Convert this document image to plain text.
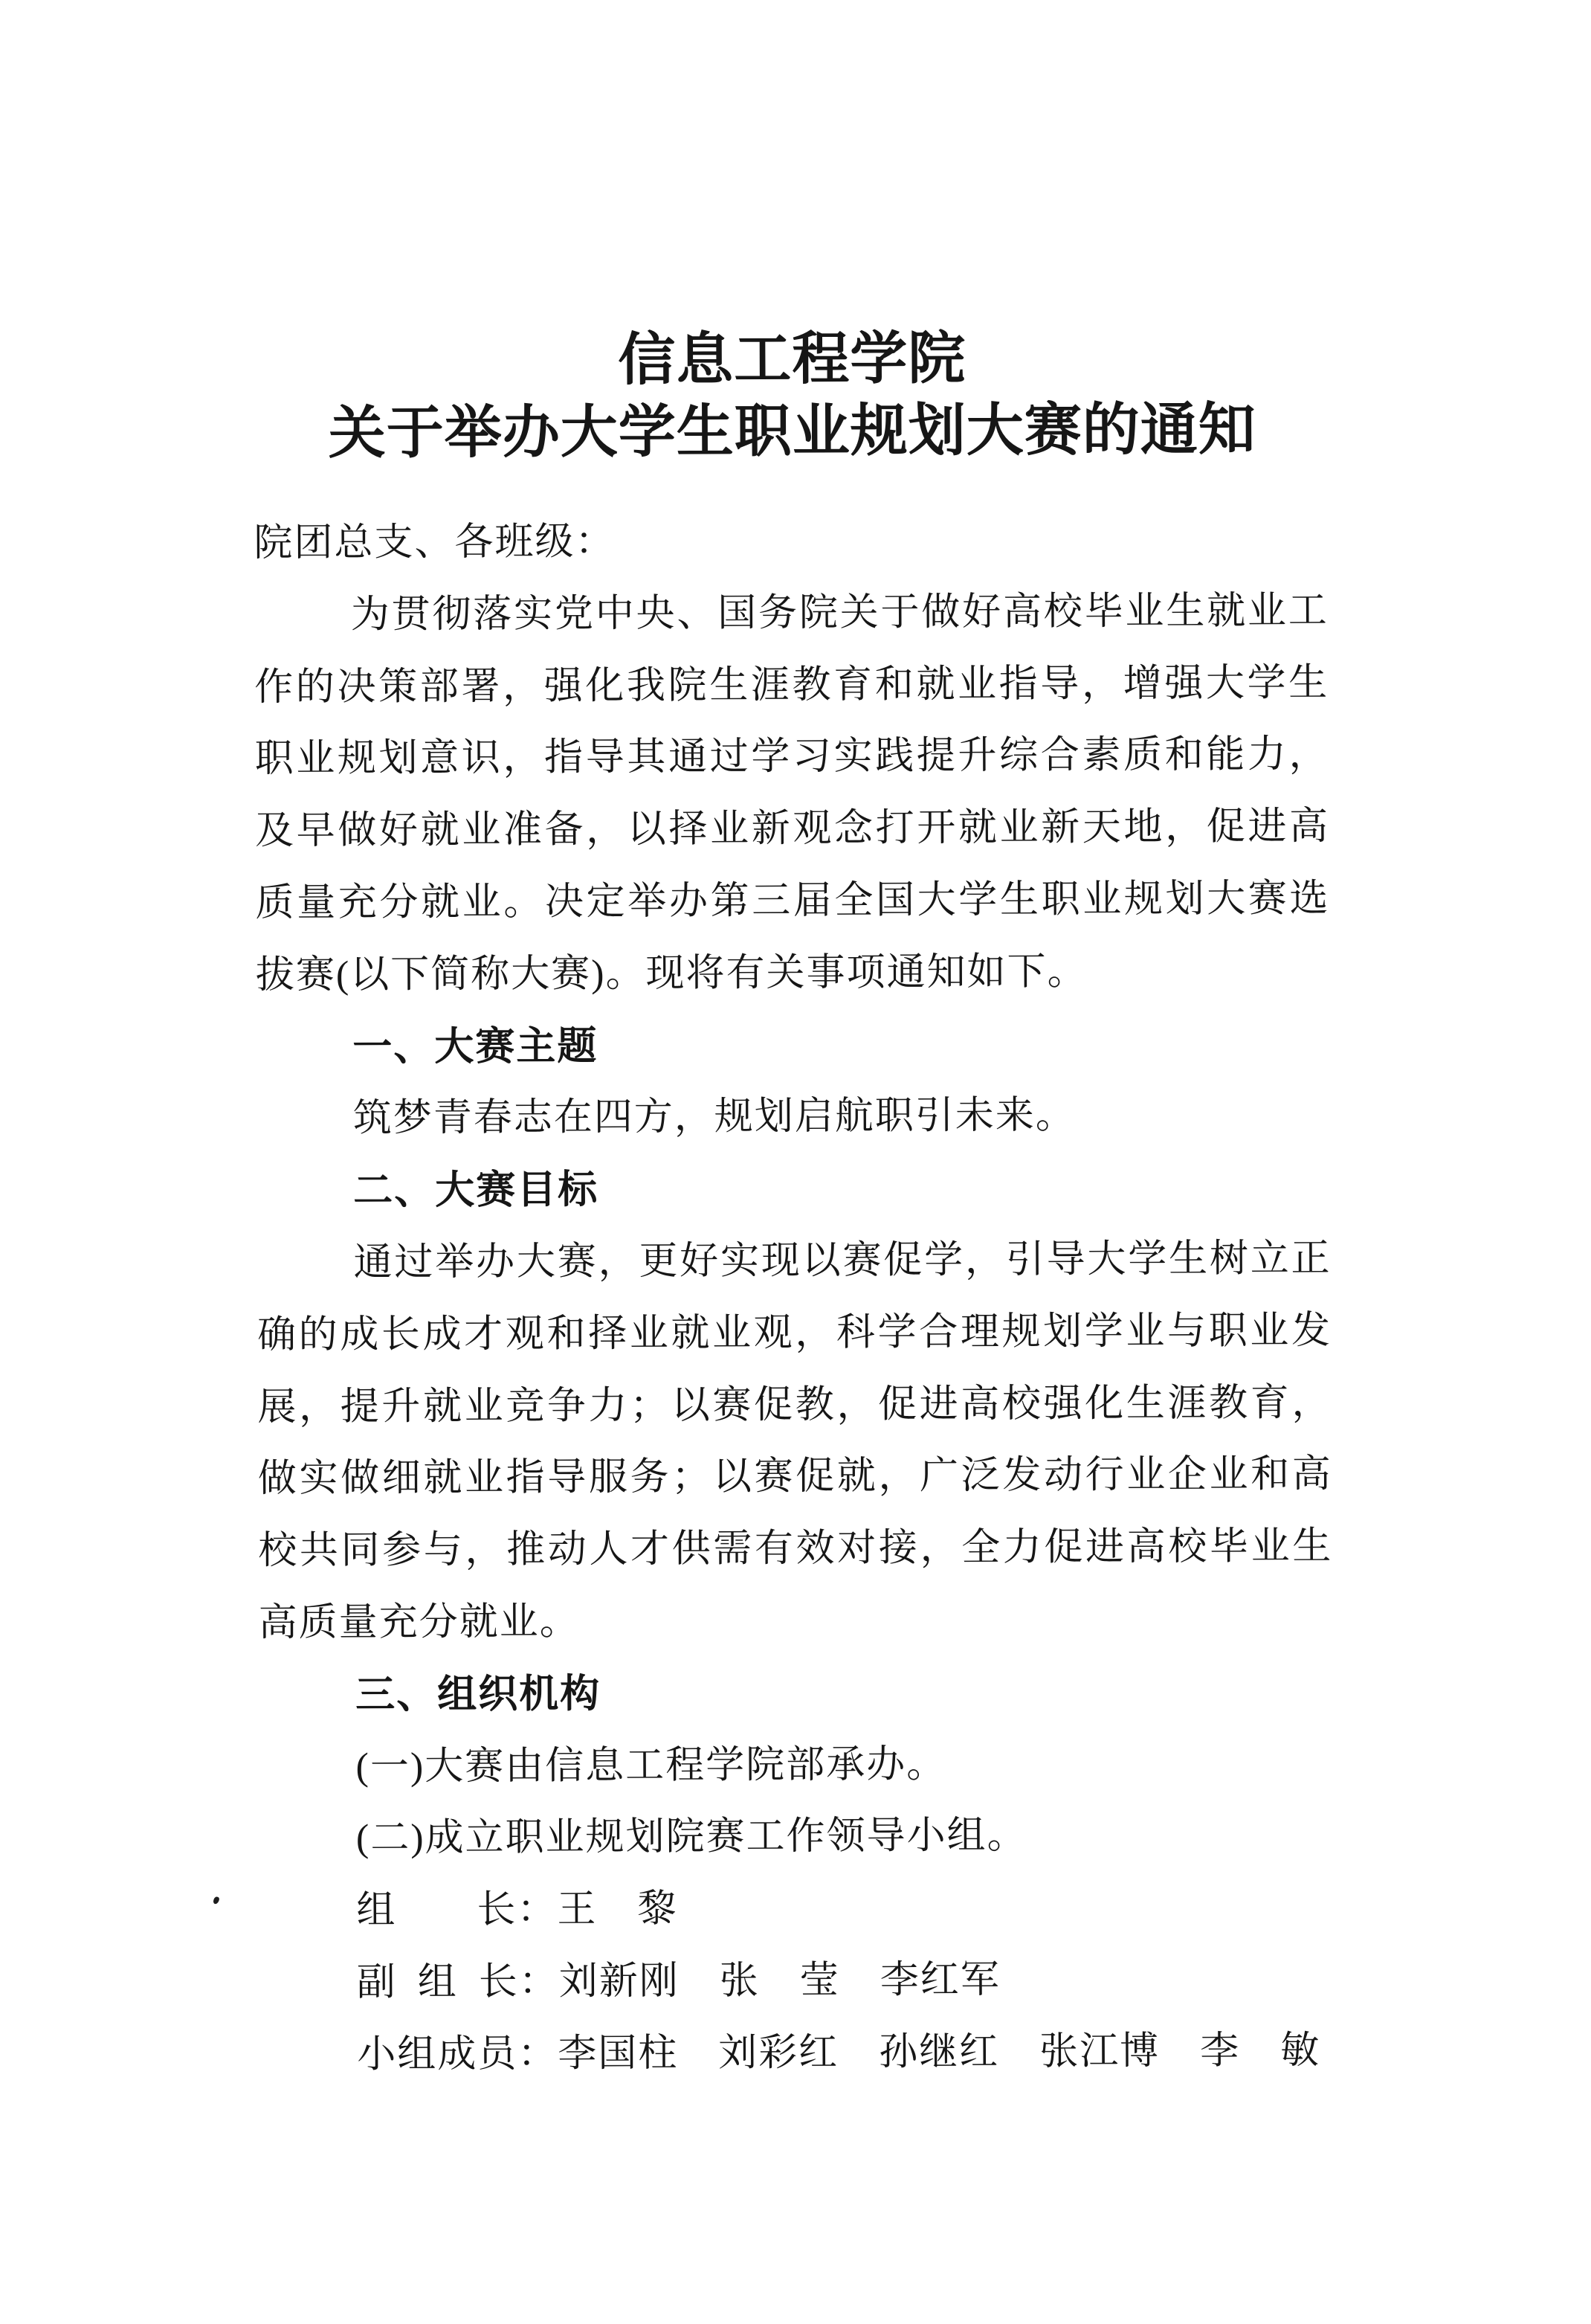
信息工程学院
关于举办大学生职业规划大赛的通知
院团总支、各班级：
为贯彻落实党中央、国务院关于做好高校毕业生就业工
作的决策部署，强化我院生涯教育和就业指导，增强大学生
职业规划意识，指导其通过学习实践提升综合素质和能力，
及早做好就业准备，以择业新观念打开就业新天地，促进高
质量充分就业。决定举办第三届全国大学生职业规划大赛选
拔赛(以下简称大赛)。现将有关事项通知如下。
一、大赛主题
筑梦青春志在四方，规划启航职引未来。
二、大赛目标
通过举办大赛，更好实现以赛促学，引导大学生树立正
确的成长成才观和择业就业观，科学合理规划学业与职业发
展，提升就业竞争力；以赛促教，促进高校强化生涯教育，
做实做细就业指导服务；以赛促就，广泛发动行业企业和高
校共同参与，推动人才供需有效对接，全力促进高校毕业生
高质量充分就业。
三、组织机构
(一)大赛由信息工程学院部承办。
(二)成立职业规划院赛工作领导小组。
组　　长：王　黎
副 组 长：刘新刚　张　莹　李红军
小组成员：李国柱　刘彩红　孙继红　张江博　李　敏
